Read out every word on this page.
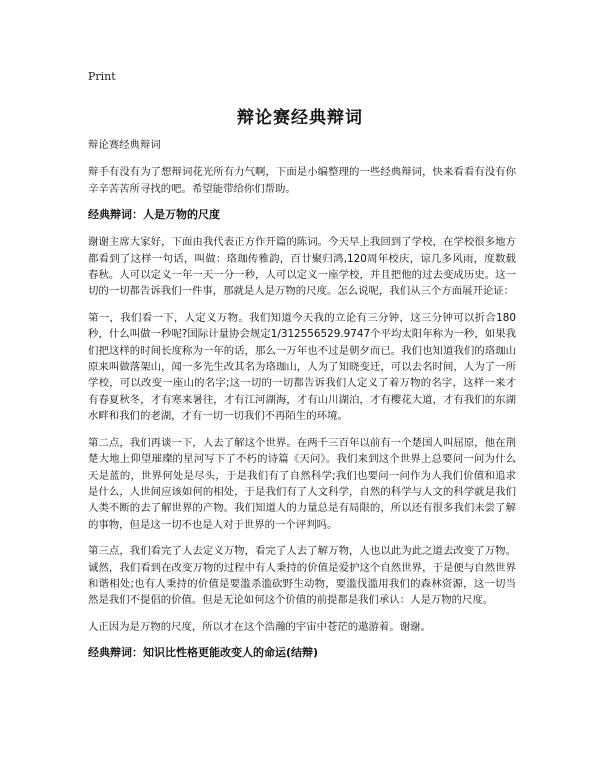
Print
辩论赛经典辩词

辩论赛经典辩词

辩手有没有为了想辩词花光所有力气啊，下面是小编整理的一些经典辩词，快来看看有没有你辛辛苦苦所寻找的吧。希望能带给你们帮助。

经典辩词：人是万物的尺度

谢谢主席大家好，下面由我代表正方作开篇的陈词。今天早上我回到了学校，在学校很多地方都看到了这样一句话，叫做：珞珈传雅韵，百廿聚归鸿,120周年校庆，谅几多风雨，度数载春秋。人可以定义一年一天一分一秒，人可以定义一座学校，并且把他的过去变成历史。这一切的一切都告诉我们一件事，那就是人是万物的尺度。怎么说呢，我们从三个方面展开论证：

第一，我们看一下，人定义万物。我们知道今天我的立论有三分钟，这三分钟可以折合180秒，什么叫做一秒呢?国际计量协会规定1/312556529.9747个平均太阳年称为一秒，如果我们把这样的时间长度称为一年的话，那么一万年也不过是朝夕而已。我们也知道我们的珞珈山原来叫做落架山，闻一多先生改其名为珞珈山，人为了知晓变迁，可以去名时间，人为了一所学校，可以改变一座山的名字;这一切的一切都告诉我们人定义了着万物的名字，这样一来才有春夏秋冬，才有寒来暑往，才有江河湖海，才有山川湖泊，才有樱花大道，才有我们的东湖水畔和我们的老湖，才有一切一切我们不再陌生的环境。

第二点，我们再谈一下，人去了解这个世界。在两千三百年以前有一个楚国人叫屈原，他在荆楚大地上仰望璀璨的星河写下了不朽的诗篇《天问》。我们来到这个世界上总要问一问为什么天是蓝的，世界何处是尽头，于是我们有了自然科学;我们也要问一问作为人我们价值和追求是什么，人世间应该如何的相处，于是我们有了人文科学，自然的科学与人文的科学就是我们人类不断的去了解世界的产物。我们知道人的力量总是有局限的，所以还有很多我们未尝了解的事物，但是这一切不也是人对于世界的一个评判吗。

第三点，我们看完了人去定义万物，看完了人去了解万物，人也以此为此之道去改变了万物。诚然，我们看到在改变万物的过程中有人秉持的价值是爱护这个自然世界，于是便与自然世界和谐相处;也有人秉持的价值是要滥杀滥砍野生动物，要滥伐滥用我们的森林资源，这一切当然是我们不提倡的价值。但是无论如何这个价值的前提都是我们承认：人是万物的尺度。

人正因为是万物的尺度，所以才在这个浩瀚的宇宙中苍茫的遨游着。谢谢。

经典辩词：知识比性格更能改变人的命运(结辩)
